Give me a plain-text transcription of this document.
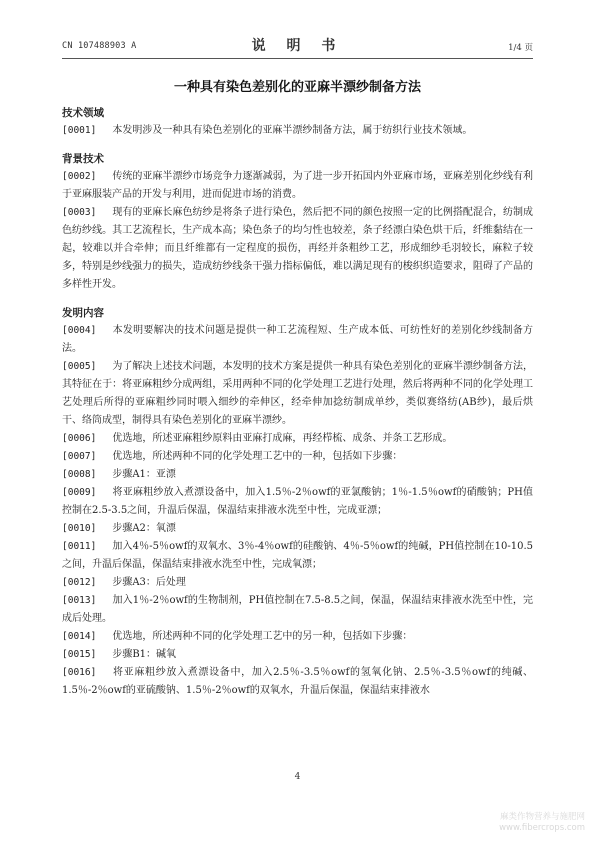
CN 107488903 A	说 明 书	1/4 页
一种具有染色差别化的亚麻半漂纱制备方法
技术领域

[0001] 本发明涉及一种具有染色差别化的亚麻半漂纱制备方法，属于纺织行业技术领域。

背景技术

[0002] 传统的亚麻半漂纱市场竞争力逐渐减弱，为了进一步开拓国内外亚麻市场，亚麻差别化纱线有利于亚麻服装产品的开发与利用，进而促进市场的消费。

[0003] 现有的亚麻长麻色纺纱是将条子进行染色，然后把不同的颜色按照一定的比例搭配混合，纺制成色纺纱线。其工艺流程长，生产成本高；染色条子的均匀性也较差，条子经漂白染色烘干后，纤维黏结在一起，较难以并合牵伸；而且纤维都有一定程度的损伤，再经并条粗纱工艺，形成细纱毛羽较长，麻粒子较多，特别是纱线强力的损失，造成纺纱线条干强力指标偏低，难以满足现有的梭织织造要求，阻碍了产品的多样性开发。

发明内容

[0004] 本发明要解决的技术问题是提供一种工艺流程短、生产成本低、可纺性好的差别化纱线制备方法。

[0005] 为了解决上述技术问题，本发明的技术方案是提供一种具有染色差别化的亚麻半漂纱制备方法，其特征在于：将亚麻粗纱分成两组，采用两种不同的化学处理工艺进行处理，然后将两种不同的化学处理工艺处理后所得的亚麻粗纱同时喂入细纱的牵伸区，经牵伸加捻纺制成单纱，类似赛络纺(AB纱)，最后烘干、络筒成型，制得具有染色差别化的亚麻半漂纱。

[0006] 优选地，所述亚麻粗纱原料由亚麻打成麻，再经栉梳、成条、并条工艺形成。

[0007] 优选地，所述两种不同的化学处理工艺中的一种，包括如下步骤：

[0008] 步骤A1：亚漂

[0009] 将亚麻粗纱放入煮漂设备中，加入1.5％-2％owf的亚氯酸钠；1％-1.5％owf的硝酸钠；PH值控制在2.5-3.5之间，升温后保温，保温结束排液水洗至中性，完成亚漂；

[0010] 步骤A2：氧漂

[0011] 加入4％-5％owf的双氧水、3％-4％owf的硅酸钠、4％-5％owf的纯碱，PH值控制在10-10.5之间，升温后保温，保温结束排液水洗至中性，完成氧漂；

[0012] 步骤A3：后处理

[0013] 加入1％-2％owf的生物制剂，PH值控制在7.5-8.5之间，保温，保温结束排液水洗至中性，完成后处理。

[0014] 优选地，所述两种不同的化学处理工艺中的另一种，包括如下步骤：

[0015] 步骤B1：碱氧

[0016] 将亚麻粗纱放入煮漂设备中，加入2.5％-3.5％owf的氢氧化钠、2.5％-3.5％owf的纯碱、1.5％-2％owf的亚硫酸钠、1.5％-2％owf的双氧水，升温后保温，保温结束排液水

4
麻类作物营养与施肥网
www.fibercrops.com
